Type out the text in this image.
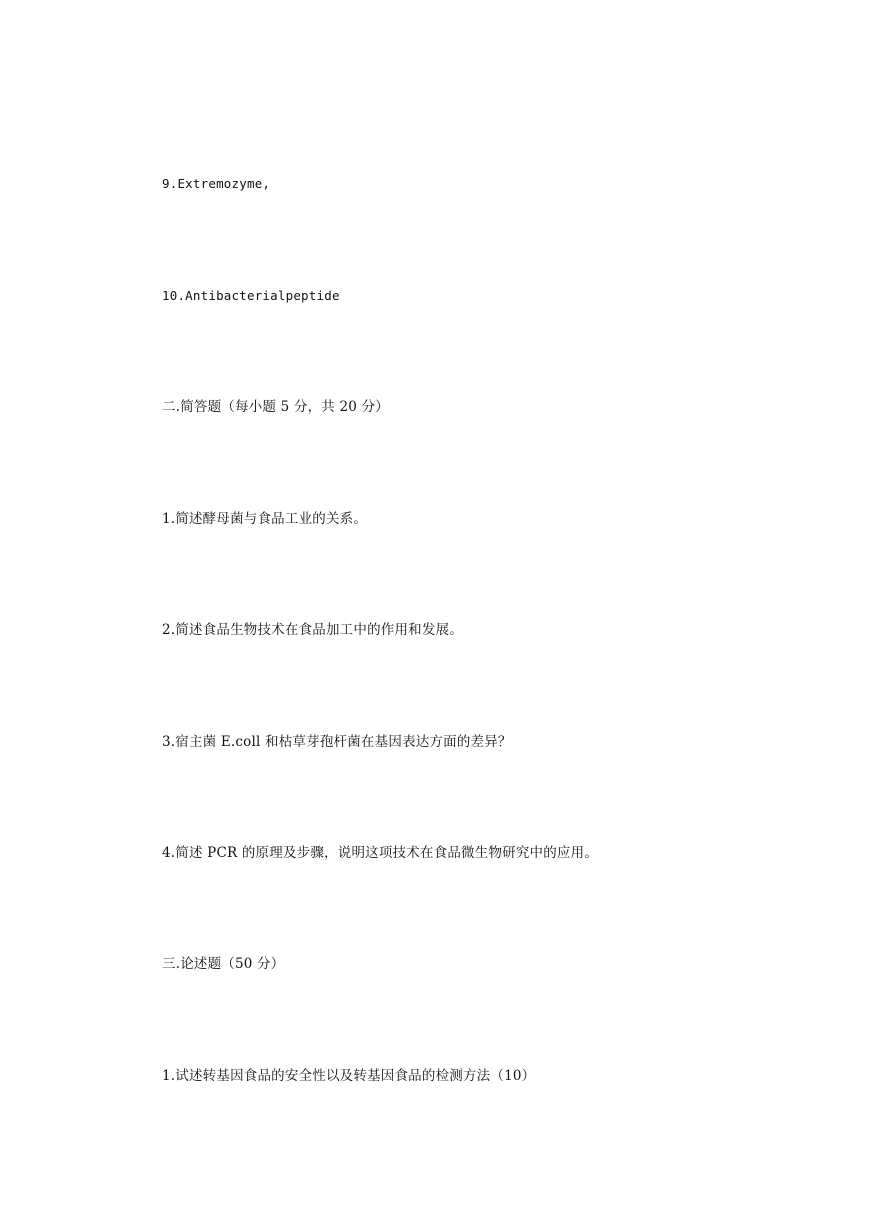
9.Extremozyme,
10.Antibacterialpeptide
二.简答题（每小题 5 分，共 20 分）
1.简述酵母菌与食品工业的关系。
2.简述食品生物技术在食品加工中的作用和发展。
3.宿主菌 E.coll 和枯草芽孢杆菌在基因表达方面的差异？
4.简述 PCR 的原理及步骤，说明这项技术在食品微生物研究中的应用。
三.论述题（50 分）
1.试述转基因食品的安全性以及转基因食品的检测方法（10）
